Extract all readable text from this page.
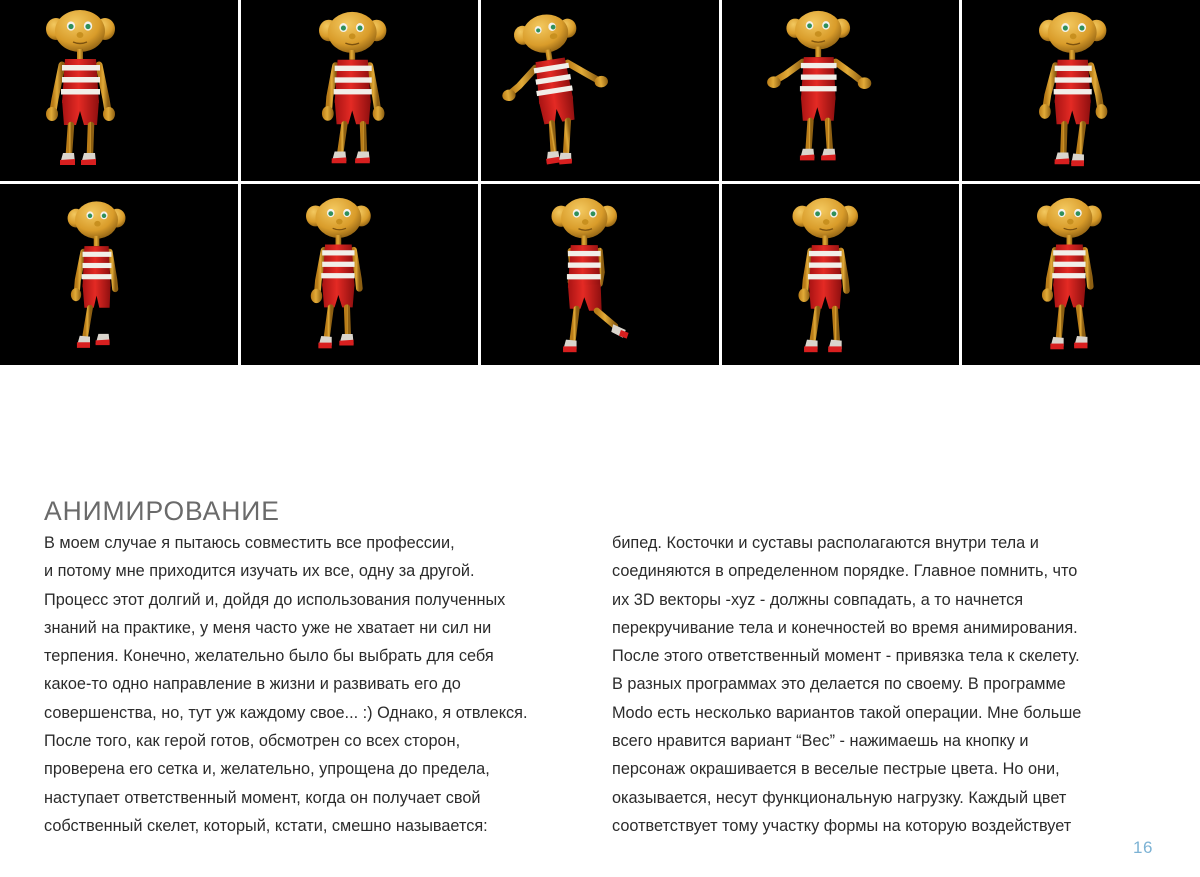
АНИМИРОВАНИЕ

В моем случае я пытаюсь совместить все профессии,
и потому мне приходится изучать их все, одну за другой.
Процесс этот долгий и, дойдя до использования полученных
знаний на практике, у меня часто уже не хватает ни сил ни
терпения. Конечно, желательно было бы выбрать для себя
какое-то одно направление в жизни и развивать его до
совершенства, но, тут уж каждому свое... :) Однако, я отвлекся.
После того, как герой готов, обсмотрен со всех сторон,
проверена его сетка и, желательно, упрощена до предела,
наступает ответственный момент, когда он получает свой
собственный скелет, который, кстати, смешно называется:

бипед. Косточки и суставы располагаются внутри тела и
соединяются в определенном порядке. Главное помнить, что
их 3D векторы -xyz - должны совпадать, а то начнется
перекручивание тела и конечностей во время анимирования.
После этого ответственный момент - привязка тела к скелету.
В разных программах это делается по своему. В программе
Modo есть несколько вариантов такой операции. Мне больше
всего нравится вариант “Вес” - нажимаешь на кнопку и
персонаж окрашивается в веселые пестрые цвета. Но они,
оказывается, несут функциональную нагрузку. Каждый цвет
соответствует тому участку формы на которую воздействует

16
